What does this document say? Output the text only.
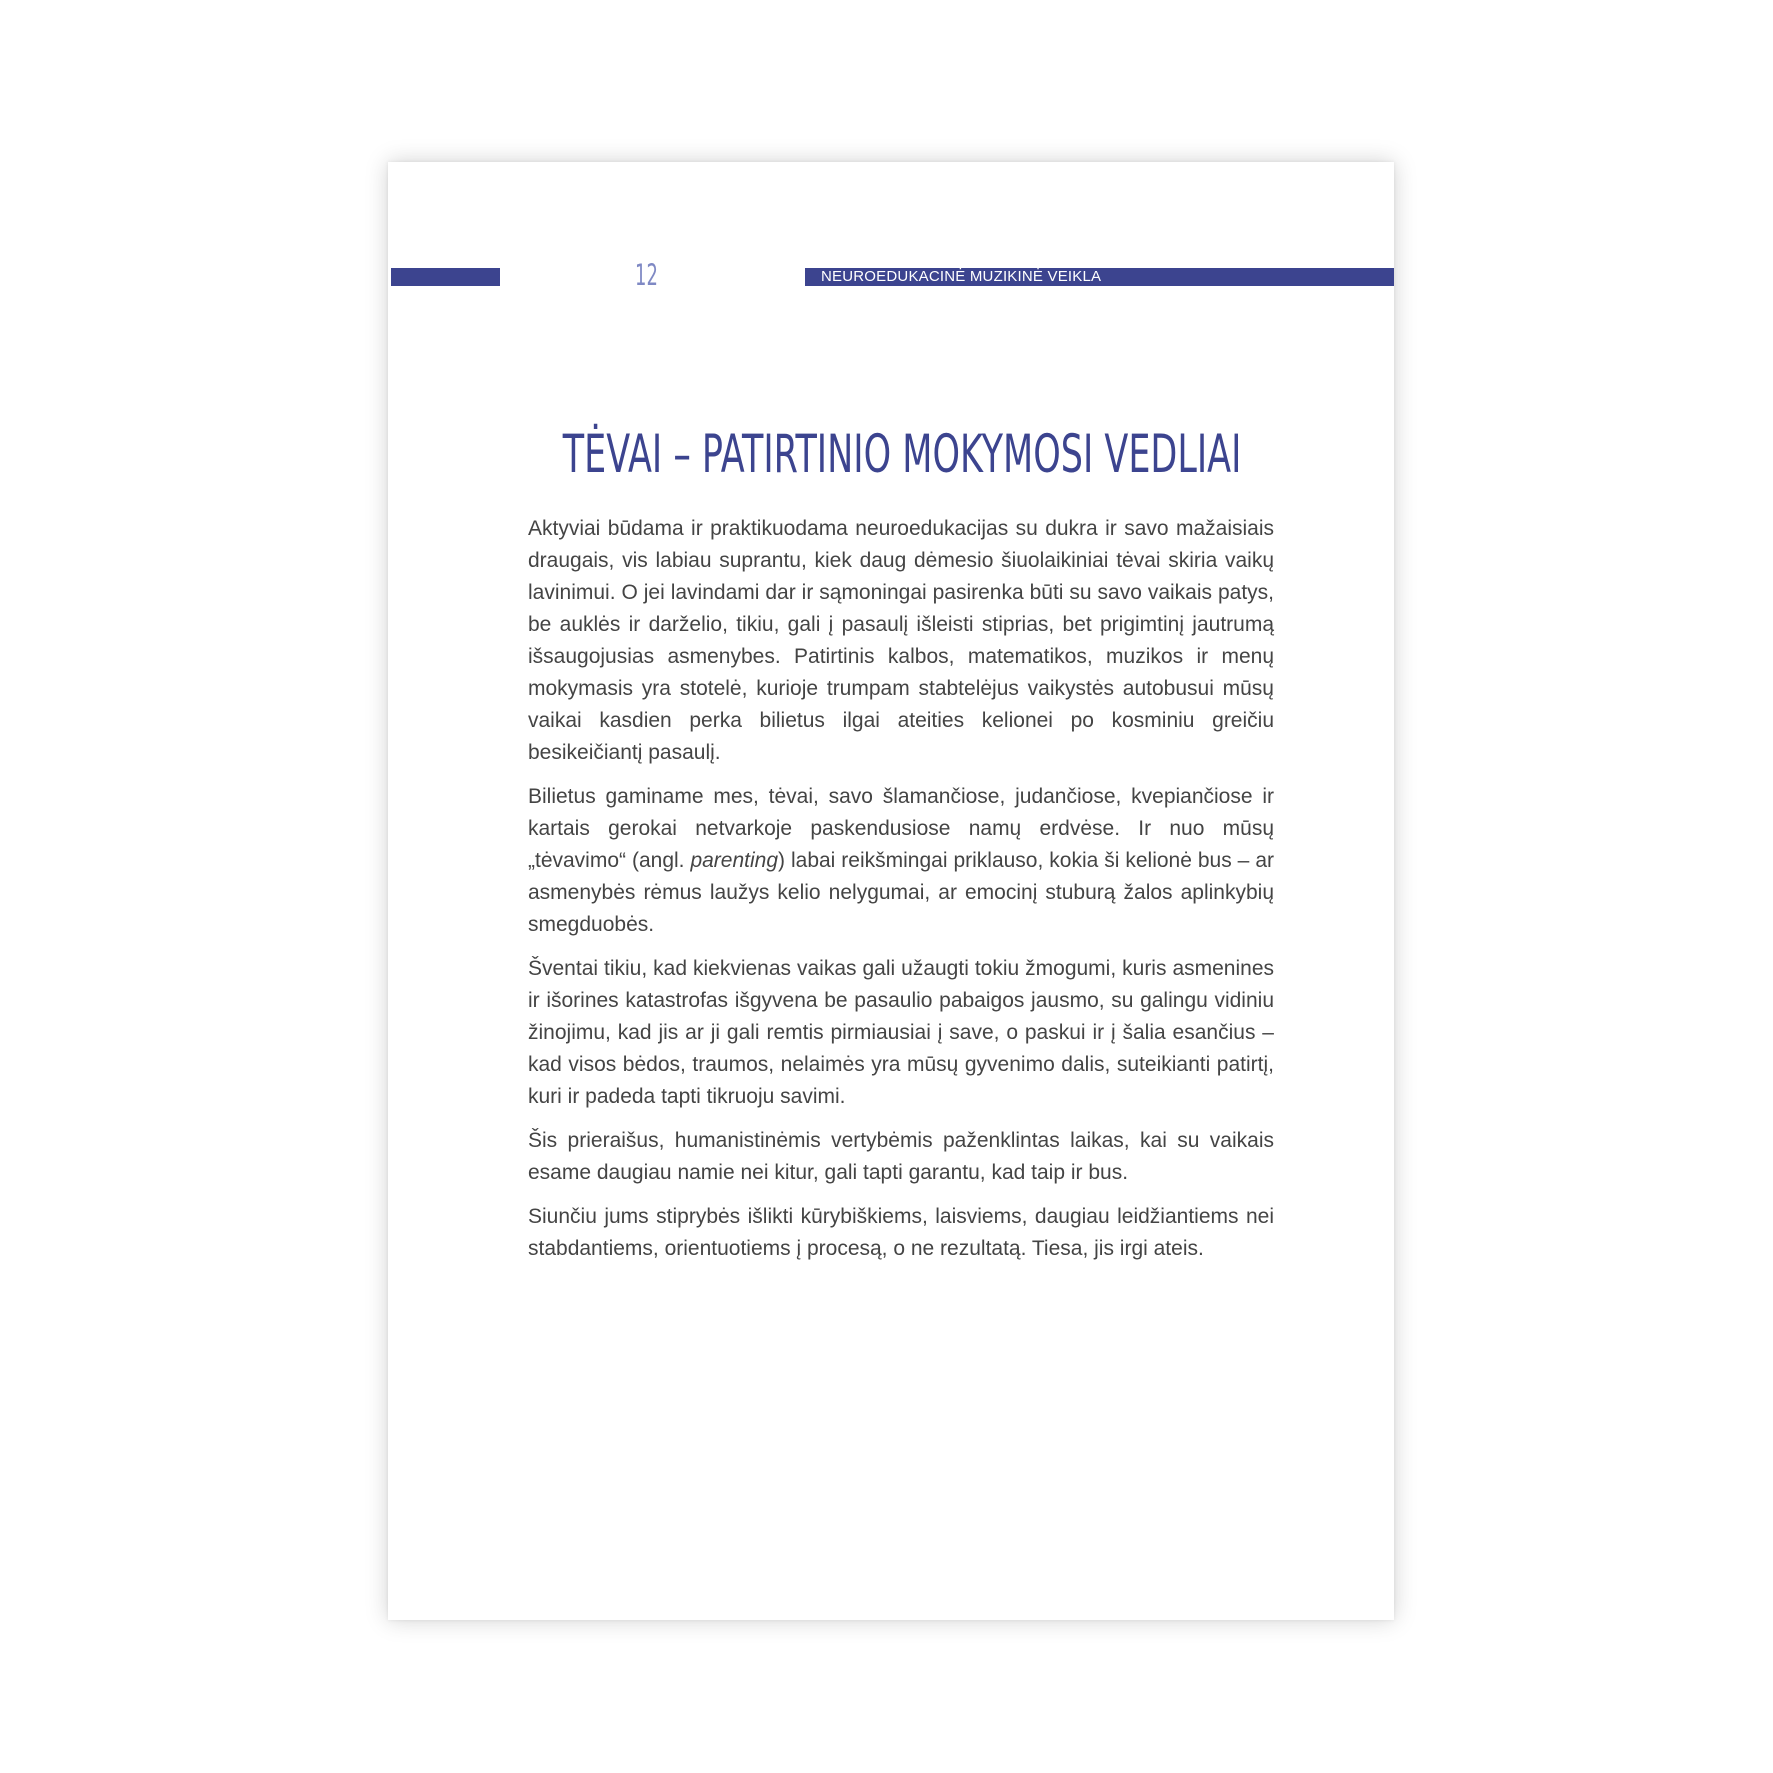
12	NEUROEDUKACINĖ MUZIKINĖ VEIKLA
TĖVAI – PATIRTINIO MOKYMOSI VEDLIAI

Aktyviai būdama ir praktikuodama neuroedukacijas su dukra ir savo mažaisiais draugais, vis labiau suprantu, kiek daug dėmesio šiuolaikiniai tėvai skiria vaikų lavinimui. O jei lavindami dar ir sąmoningai pasirenka būti su savo vaikais patys, be auklės ir darželio, tikiu, gali į pasaulį išleisti stiprias, bet prigimtinį jautrumą išsaugojusias asmenybes. Patirtinis kalbos, matematikos, muzikos ir menų mokymasis yra stotelė, kurioje trumpam stabtelėjus vaikystės autobusui mūsų vaikai kasdien perka bilietus ilgai ateities kelionei po kosminiu greičiu besikeičiantį pasaulį.

Bilietus gaminame mes, tėvai, savo šlamančiose, judančiose, kvepiančiose ir kartais gerokai netvarkoje paskendusiose namų erdvėse. Ir nuo mūsų „tėvavimo“ (angl. parenting) labai reikšmingai priklauso, kokia ši kelionė bus – ar asmenybės rėmus laužys kelio nelygumai, ar emocinį stuburą žalos aplinkybių smegduobės.

Šventai tikiu, kad kiekvienas vaikas gali užaugti tokiu žmogumi, kuris asmenines ir išorines katastrofas išgyvena be pasaulio pabaigos jausmo, su galingu vidiniu žinojimu, kad jis ar ji gali remtis pirmiausiai į save, o paskui ir į šalia esančius – kad visos bėdos, traumos, nelaimės yra mūsų gyvenimo dalis, suteikianti patirtį, kuri ir padeda tapti tikruoju savimi.

Šis prieraišus, humanistinėmis vertybėmis paženklintas laikas, kai su vaikais esame daugiau namie nei kitur, gali tapti garantu, kad taip ir bus.

Siunčiu jums stiprybės išlikti kūrybiškiems, laisviems, daugiau leidžiantiems nei stabdantiems, orientuotiems į procesą, o ne rezultatą. Tiesa, jis irgi ateis.
